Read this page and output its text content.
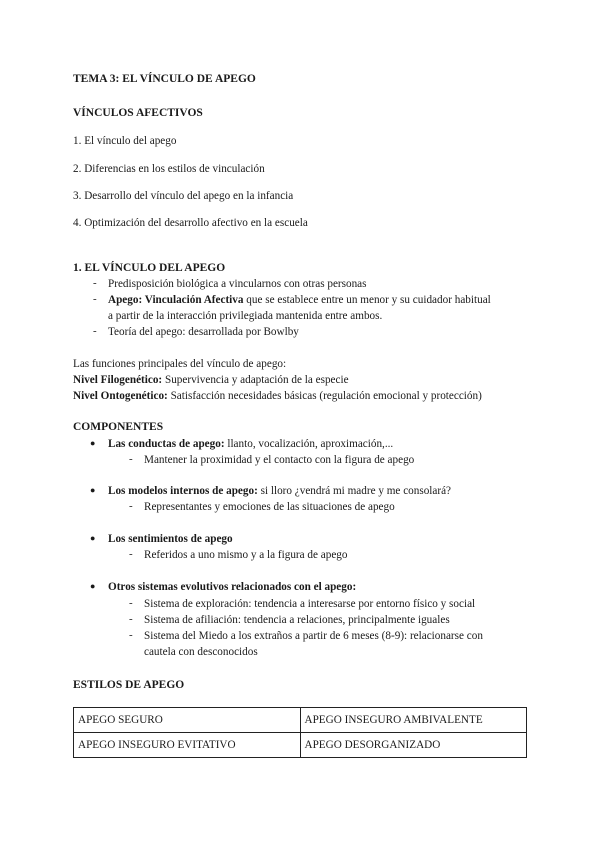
TEMA 3: EL VÍNCULO DE APEGO
VÍNCULOS AFECTIVOS
1. El vínculo del apego
2. Diferencias en los estilos de vinculación
3. Desarrollo del vínculo del apego en la infancia
4. Optimización del desarrollo afectivo en la escuela
1. EL VÍNCULO DEL APEGO
- Predisposición biológica a vincularnos con otras personas
- Apego: Vinculación Afectiva que se establece entre un menor y su cuidador habitual
a partir de la interacción privilegiada mantenida entre ambos.
- Teoría del apego: desarrollada por Bowlby
Las funciones principales del vínculo de apego:
Nivel Filogenético: Supervivencia y adaptación de la especie
Nivel Ontogenético: Satisfacción necesidades básicas (regulación emocional y protección)
COMPONENTES
● Las conductas de apego: llanto, vocalización, aproximación,...
- Mantener la proximidad y el contacto con la figura de apego
● Los modelos internos de apego: si lloro ¿vendrá mi madre y me consolará?
- Representantes y emociones de las situaciones de apego
● Los sentimientos de apego
- Referidos a uno mismo y a la figura de apego
● Otros sistemas evolutivos relacionados con el apego:
- Sistema de exploración: tendencia a interesarse por entorno físico y social
- Sistema de afiliación: tendencia a relaciones, principalmente iguales
- Sistema del Miedo a los extraños a partir de 6 meses (8-9): relacionarse con
cautela con desconocidos
ESTILOS DE APEGO
APEGO SEGURO	APEGO INSEGURO AMBIVALENTE
APEGO INSEGURO EVITATIVO	APEGO DESORGANIZADO
